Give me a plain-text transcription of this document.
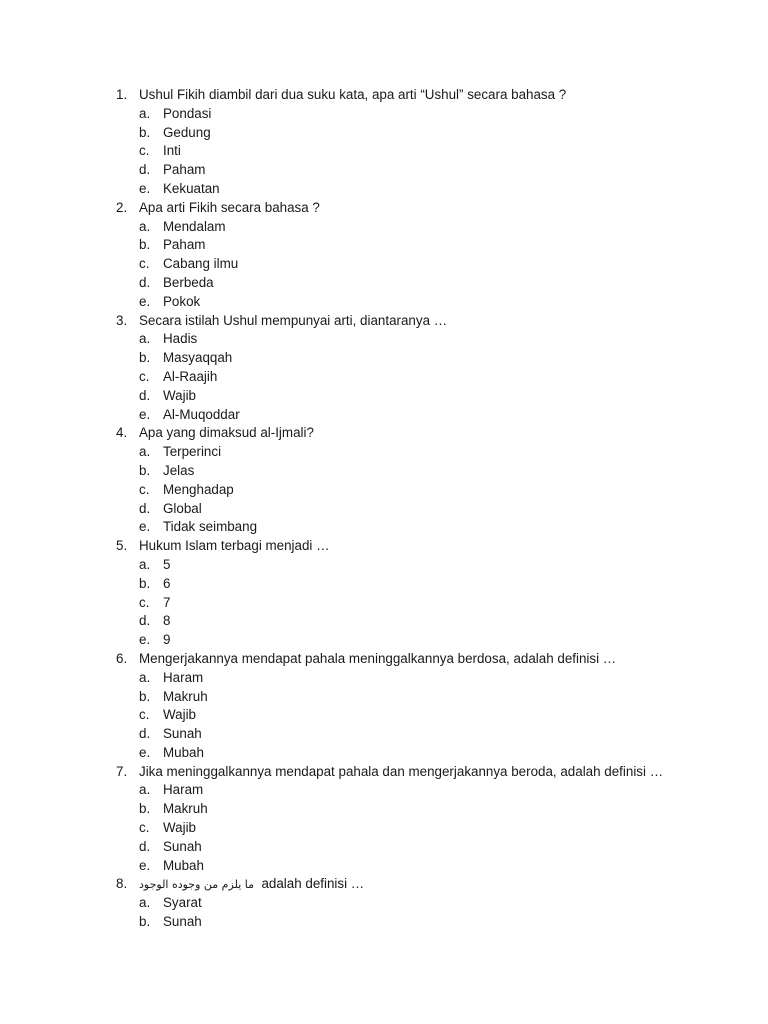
1. Ushul Fikih diambil dari dua suku kata, apa arti “Ushul” secara bahasa ?
a. Pondasi
b. Gedung
c.	Inti
d. Paham
e. Kekuatan
2. Apa arti Fikih secara bahasa ?
a. Mendalam
b. Paham
c.	Cabang ilmu
d. Berbeda
e. Pokok
3. Secara istilah Ushul mempunyai arti, diantaranya …
a. Hadis
b. Masyaqqah
c.	Al-Raajih
d. Wajib
e. Al-Muqoddar
4. Apa yang dimaksud al-Ijmali?
a. Terperinci
b. Jelas
c.	Menghadap
d. Global
e. Tidak seimbang
5. Hukum Islam terbagi menjadi …
a. 5
b. 6
c.	7
d. 8
e. 9
6. Mengerjakannya mendapat pahala meninggalkannya berdosa, adalah definisi …
a. Haram
b. Makruh
c.	Wajib
d. Sunah
e. Mubah
7. Jika meninggalkannya mendapat pahala dan mengerjakannya beroda, adalah definisi …
a. Haram
b. Makruh
c.	Wajib
d. Sunah
e. Mubah
8.	ما يلزم من وجوده الوجود adalah definisi …
a. Syarat
b. Sunah
